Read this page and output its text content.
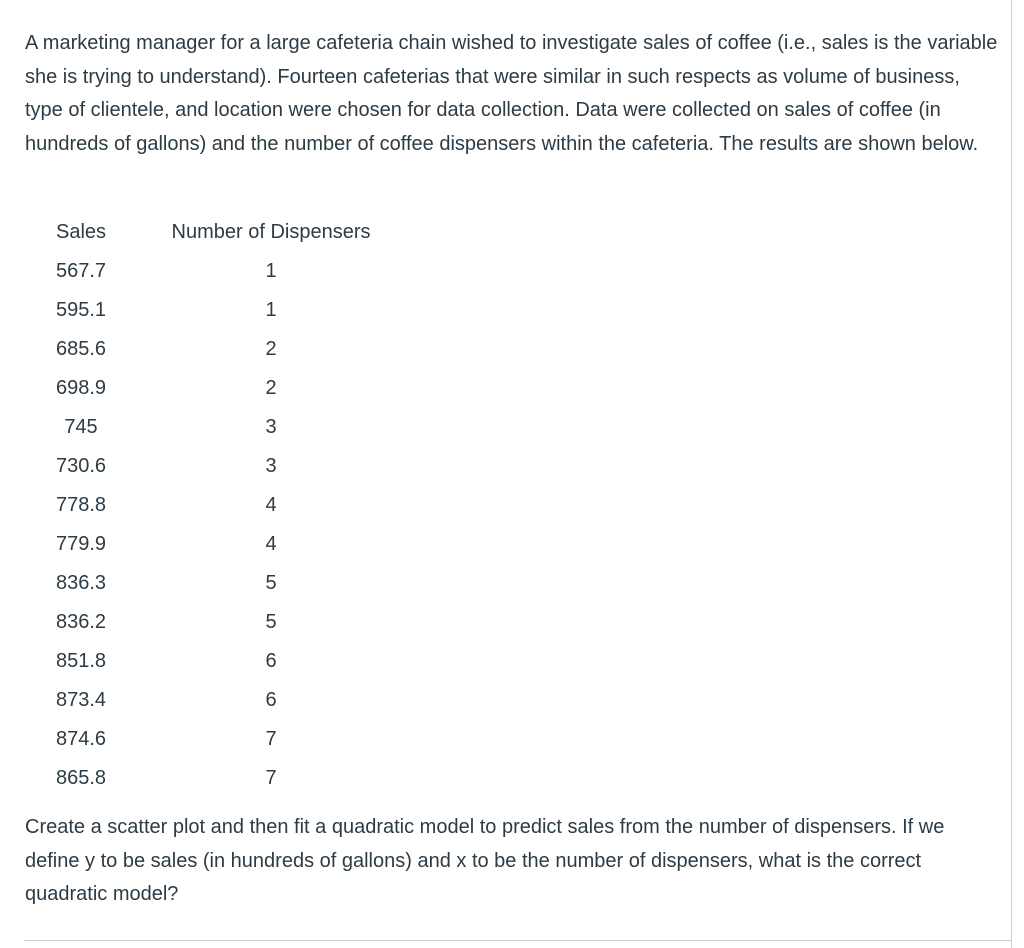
A marketing manager for a large cafeteria chain wished to investigate sales of coffee (i.e., sales is the variable she is trying to understand). Fourteen cafeterias that were similar in such respects as volume of business, type of clientele, and location were chosen for data collection. Data were collected on sales of coffee (in hundreds of gallons) and the number of coffee dispensers within the cafeteria. The results are shown below.

Sales		Number of Dispensers
567.7		1
595.1		1
685.6		2
698.9		2
745		3
730.6		3
778.8		4
779.9		4
836.3		5
836.2		5
851.8		6
873.4		6
874.6		7
865.8		7

Create a scatter plot and then fit a quadratic model to predict sales from the number of dispensers. If we define y to be sales (in hundreds of gallons) and x to be the number of dispensers, what is the correct quadratic model?
